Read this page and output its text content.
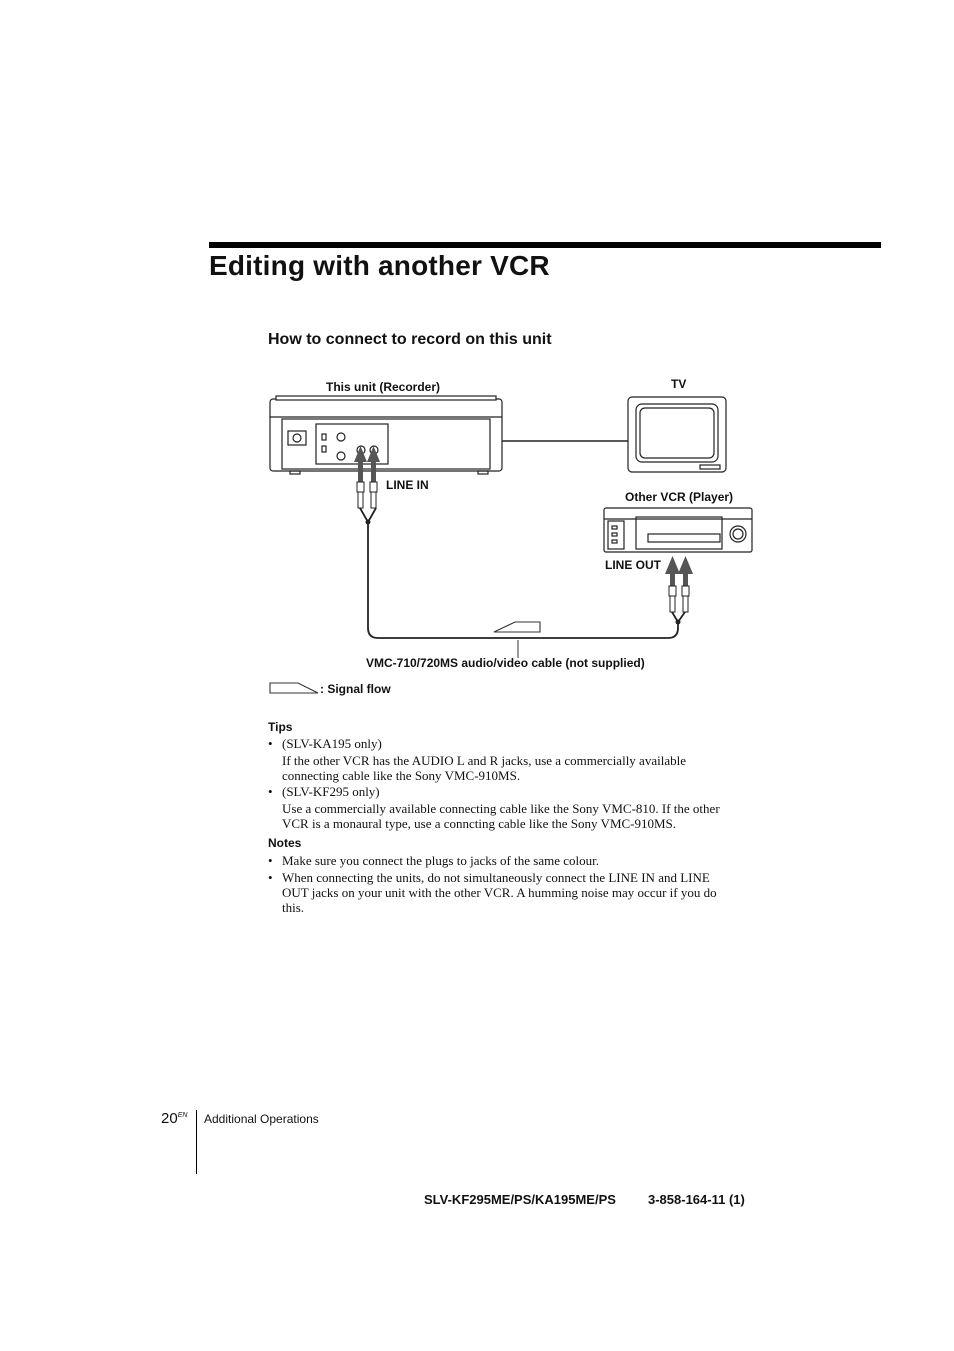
Editing with another VCR
How to connect to record on this unit
This unit (Recorder)	TV
LINE IN
Other VCR (Player)
LINE OUT
VMC-710/720MS audio/video cable (not supplied)
: Signal flow
Tips
• (SLV-KA195 only)
If the other VCR has the AUDIO L and R jacks, use a commercially available
connecting cable like the Sony VMC-910MS.
• (SLV-KF295 only)
Use a commercially available connecting cable like the Sony VMC-810. If the other
VCR is a monaural type, use a conncting cable like the Sony VMC-910MS.
Notes
• Make sure you connect the plugs to jacks of the same colour.
• When connecting the units, do not simultaneously connect the LINE IN and LINE
OUT jacks on your unit with the other VCR. A humming noise may occur if you do
this.
$20^{EN}$ Additional Operations
SLV-KF295ME/PS/KA195ME/PS 3-858-164-11 (1)
